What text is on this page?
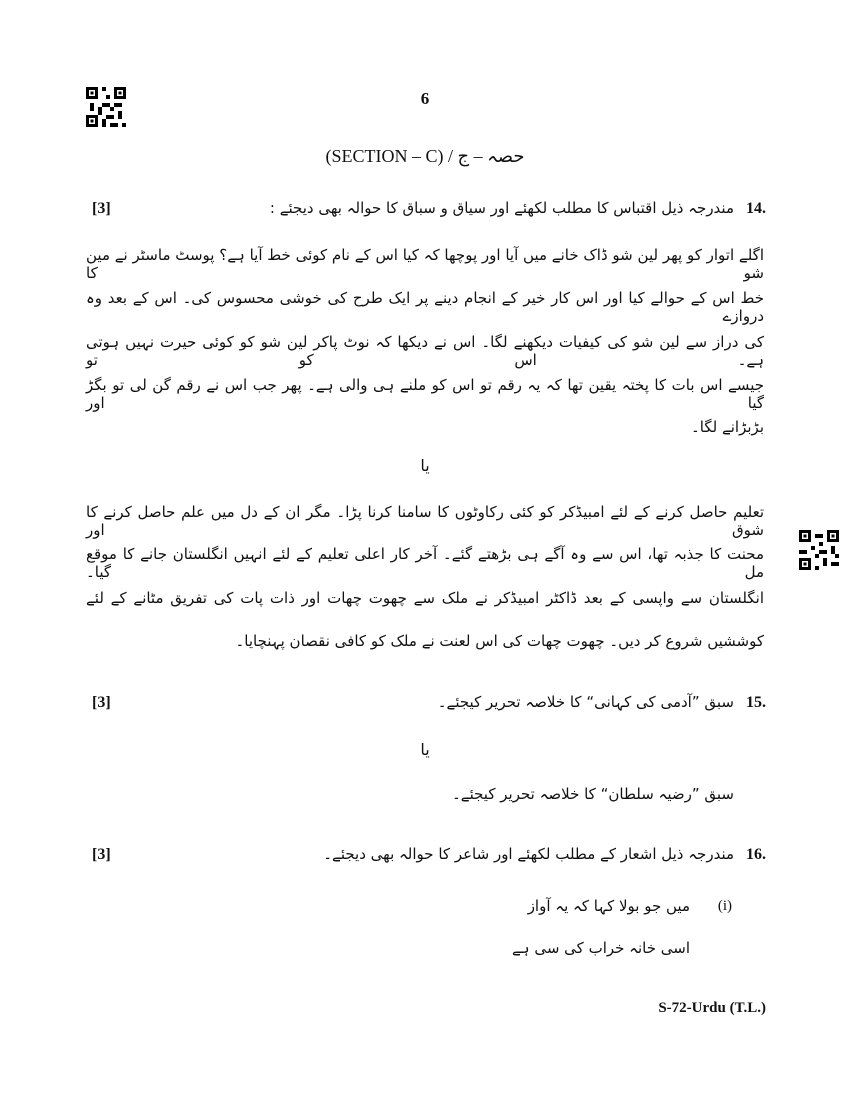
6
(SECTION – C) / حصہ – ج
[3]	14.
مندرجہ ذیل اقتباس کا مطلب لکھئے اور سیاق و سباق کا حوالہ بھی دیجئے :
اگلے اتوار کو پھر لین شو ڈاک خانے میں آیا اور پوچھا کہ کیا اس کے نام کوئی خط آیا ہے؟ پوسٹ ماسٹر نے مین شو کا
خط اس کے حوالے کیا اور اس کار خیر کے انجام دینے پر ایک طرح کی خوشی محسوس کی۔ اس کے بعد وہ دروازے
کی دراز سے لین شو کی کیفیات دیکھنے لگا۔ اس نے دیکھا کہ نوٹ پاکر لین شو کو کوئی حیرت نہیں ہوتی ہے۔ اس کو تو
جیسے اس بات کا پختہ یقین تھا کہ یہ رقم تو اس کو ملنے ہی والی ہے۔ پھر جب اس نے رقم گن لی تو بگڑ گیا اور
بڑبڑانے لگا۔
یا
تعلیم حاصل کرنے کے لئے امبیڈکر کو کئی رکاوٹوں کا سامنا کرنا پڑا۔ مگر ان کے دل میں علم حاصل کرنے کا شوق اور
محنت کا جذبہ تھا، اس سے وہ آگے ہی بڑھتے گئے۔ آخر کار اعلی تعلیم کے لئے انہیں انگلستان جانے کا موقع مل گیا۔
انگلستان سے واپسی کے بعد ڈاکٹر امبیڈکر نے ملک سے چھوت چھات اور ذات پات کی تفریق مٹانے کے لئے
کوششیں شروع کر دیں۔ چھوت چھات کی اس لعنت نے ملک کو کافی نقصان پہنچایا۔
[3]	15.
سبق ”آدمی کی کہانی“ کا خلاصہ تحریر کیجئے۔
یا
سبق ”رضیہ سلطان“ کا خلاصہ تحریر کیجئے۔
[3]	16.
مندرجہ ذیل اشعار کے مطلب لکھئے اور شاعر کا حوالہ بھی دیجئے۔
(i)
میں جو بولا کہا کہ یہ آواز
اسی خانہ خراب کی سی ہے
S-72-Urdu (T.L.)
